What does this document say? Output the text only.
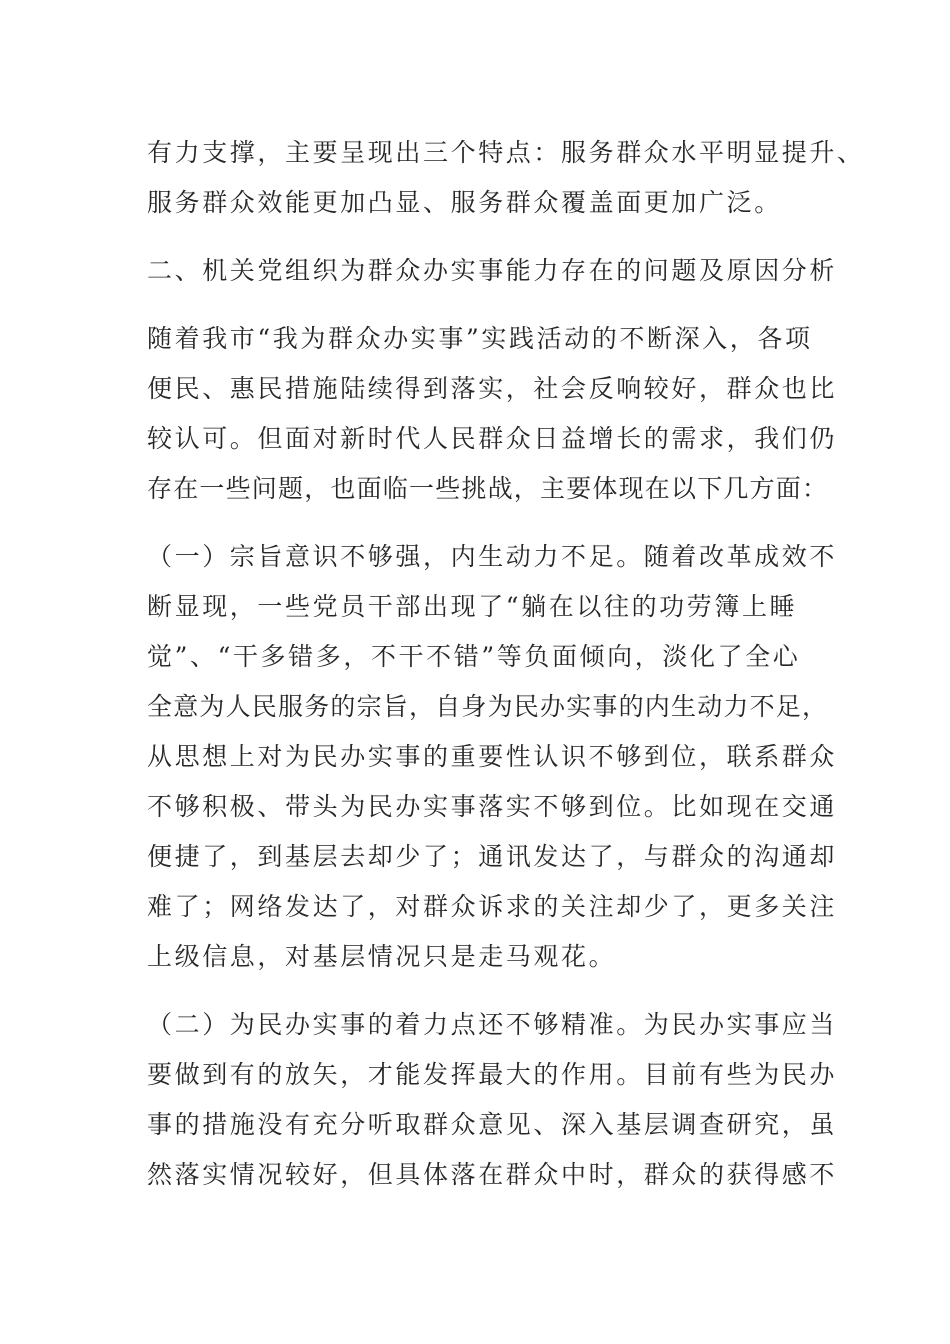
有力支撑，主要呈现出三个特点：服务群众水平明显提升、
服务群众效能更加凸显、服务群众覆盖面更加广泛。
二、机关党组织为群众办实事能力存在的问题及原因分析
随着我市“我为群众办实事”实践活动的不断深入，各项
便民、惠民措施陆续得到落实，社会反响较好，群众也比
较认可。但面对新时代人民群众日益增长的需求，我们仍
存在一些问题，也面临一些挑战，主要体现在以下几方面：
（一）宗旨意识不够强，内生动力不足。随着改革成效不
断显现，一些党员干部出现了“躺在以往的功劳簿上睡
觉”、“干多错多，不干不错”等负面倾向，淡化了全心
全意为人民服务的宗旨，自身为民办实事的内生动力不足，
从思想上对为民办实事的重要性认识不够到位，联系群众
不够积极、带头为民办实事落实不够到位。比如现在交通
便捷了，到基层去却少了；通讯发达了，与群众的沟通却
难了；网络发达了，对群众诉求的关注却少了，更多关注
上级信息，对基层情况只是走马观花。
（二）为民办实事的着力点还不够精准。为民办实事应当
要做到有的放矢，才能发挥最大的作用。目前有些为民办
事的措施没有充分听取群众意见、深入基层调查研究，虽
然落实情况较好，但具体落在群众中时，群众的获得感不
